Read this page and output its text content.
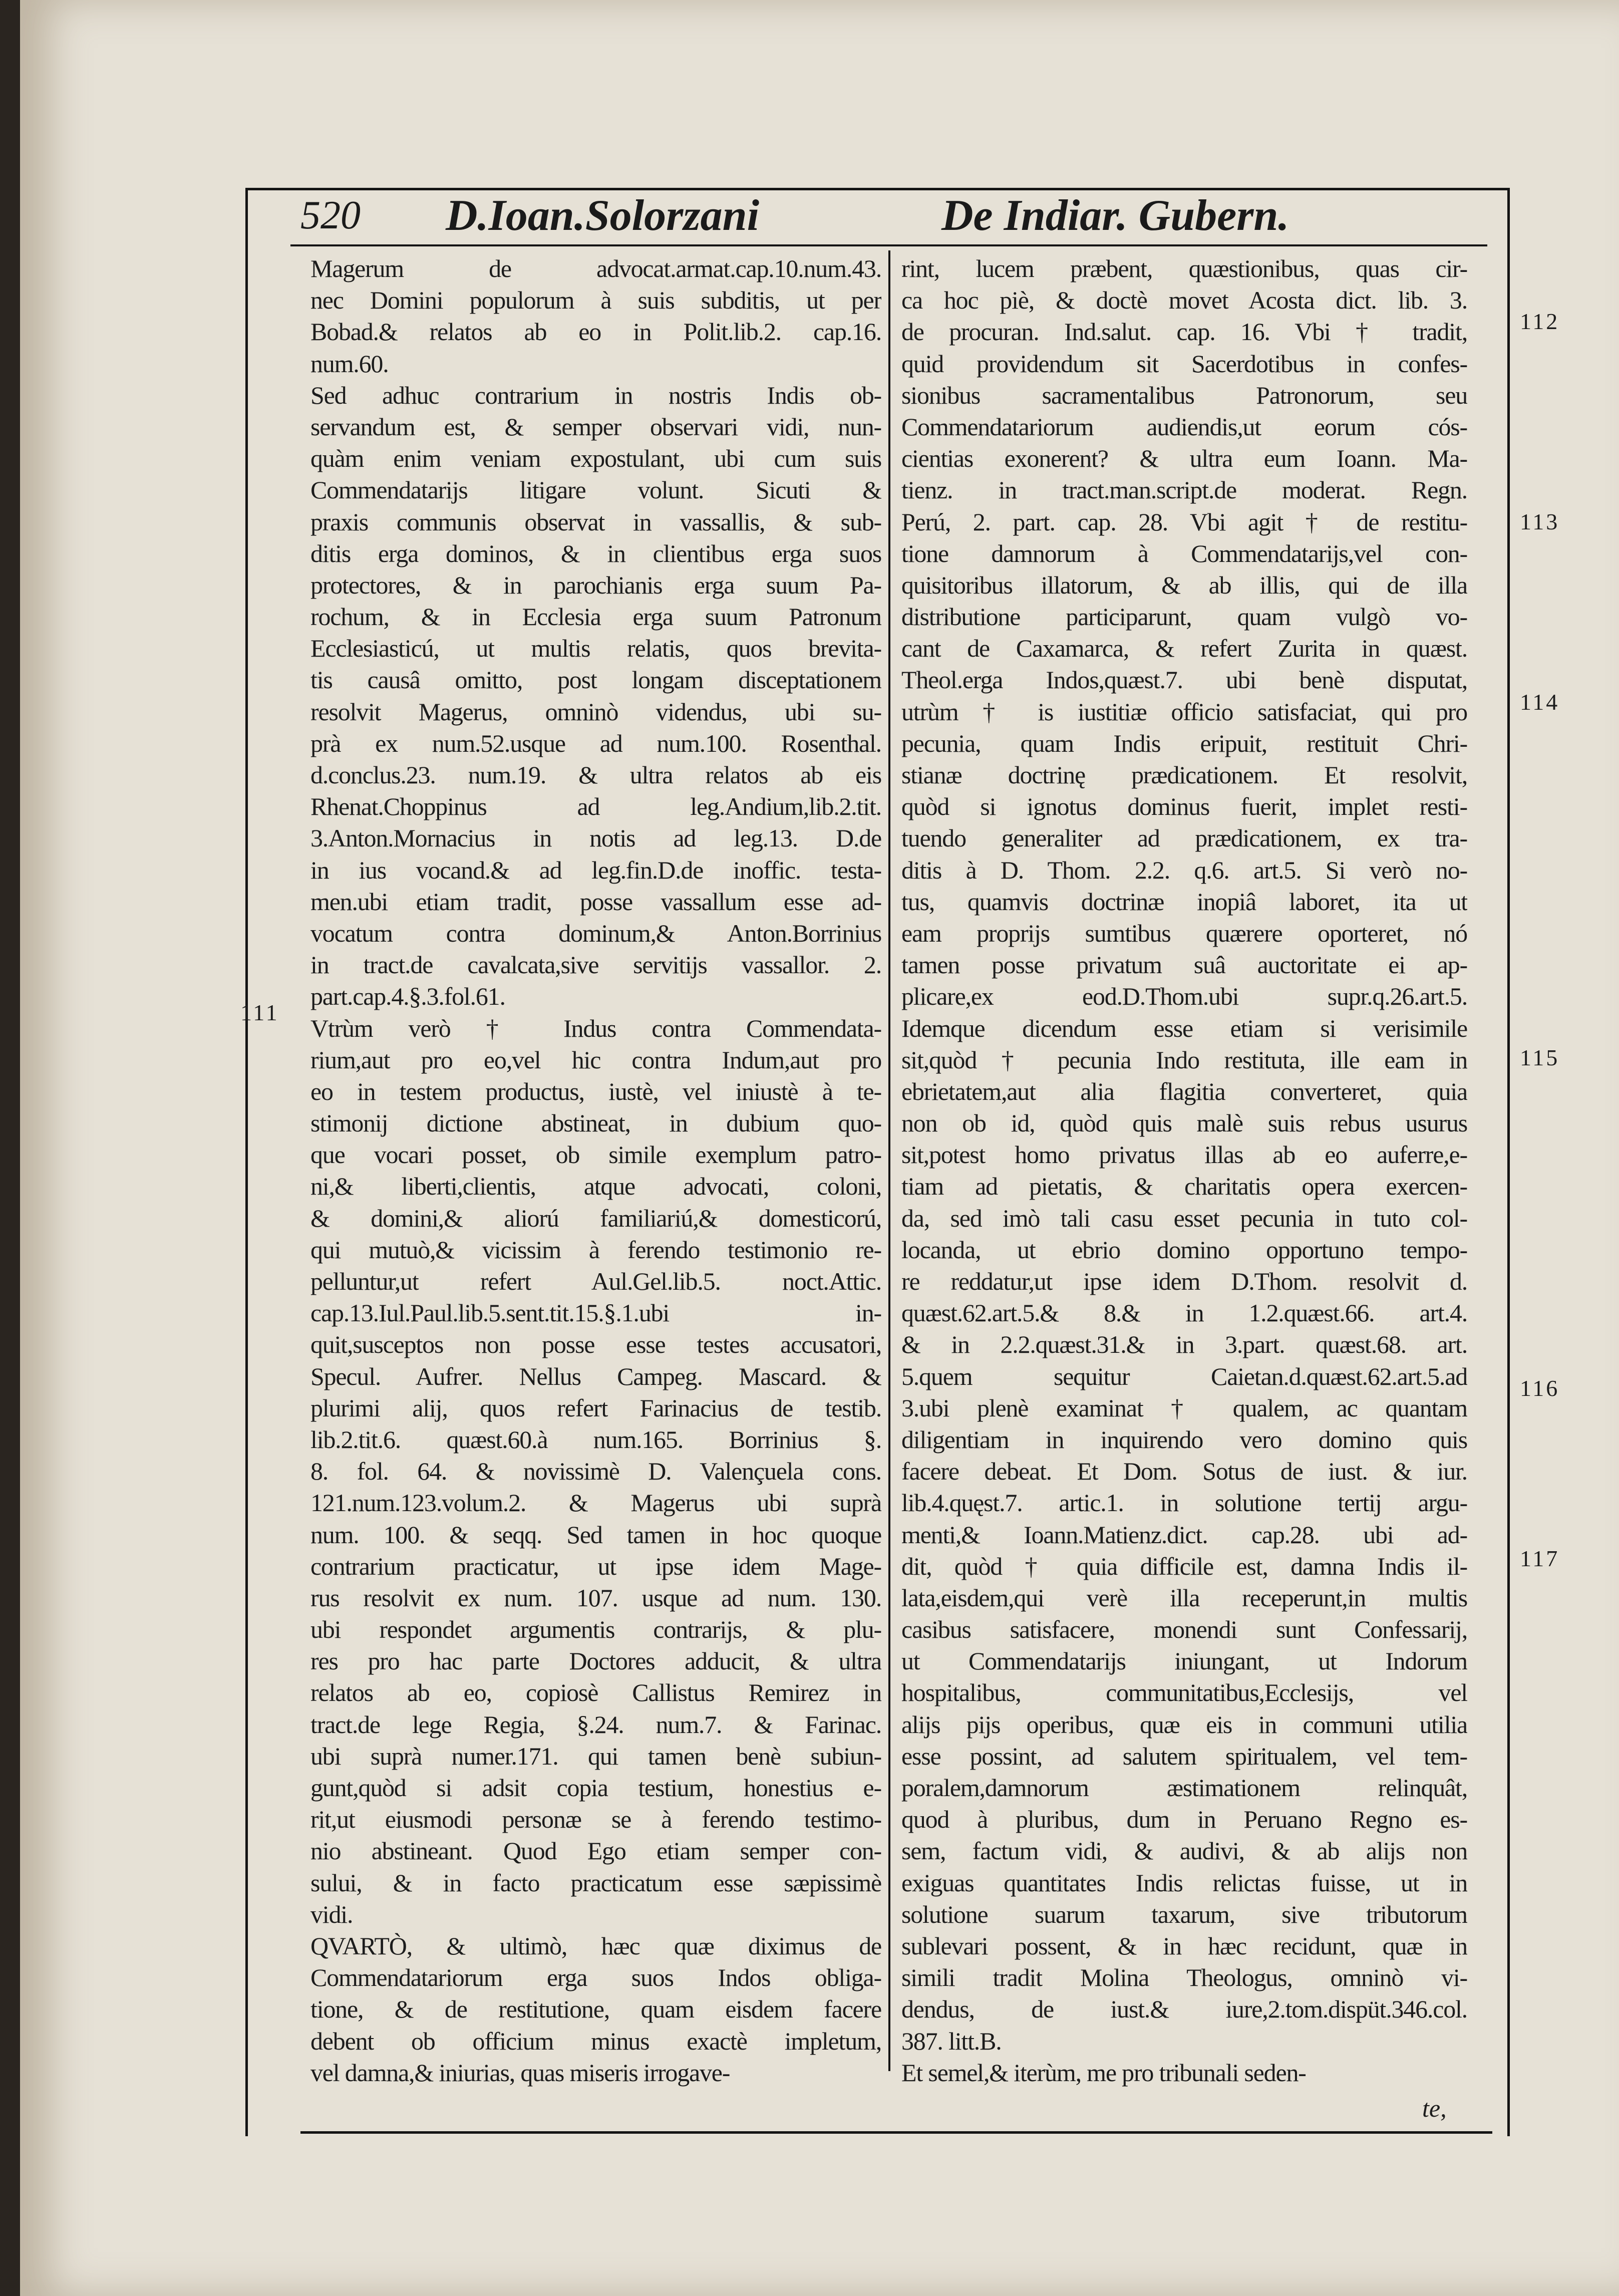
520 D.Ioan.Solorzani	De Indiar. Gubern.
Magerum de advocat.armat.cap.10.num.43.
nec Domini populorum à suis subditis, ut per
Bobad.& relatos ab eo in Polit.lib.2. cap.16.
num.60.
Sed adhuc contrarium in nostris Indis ob-
servandum est, & semper observari vidi, nun-
quàm enim veniam expostulant, ubi cum suis
Commendatarijs litigare volunt. Sicuti &
praxis communis observat in vassallis, & sub-
ditis erga dominos, & in clientibus erga suos
protectores, & in parochianis erga suum Pa-
rochum, & in Ecclesia erga suum Patronum
Ecclesiasticú, ut multis relatis, quos brevita-
tis causâ omitto, post longam disceptationem
resolvit Magerus, omninò videndus, ubi su-
prà ex num.52.usque ad num.100. Rosenthal.
d.conclus.23. num.19. & ultra relatos ab eis
Rhenat.Choppinus ad leg.Andium,lib.2.tit.
3.Anton.Mornacius in notis ad leg.13. D.de
in ius vocand.& ad leg.fin.D.de inoffic. testa-
men.ubi etiam tradit, posse vassallum esse ad-
vocatum contra dominum,& Anton.Borrinius
in tract.de cavalcata,sive servitijs vassallor. 2.
part.cap.4.§.3.fol.61.
Vtrùm verò † Indus contra Commendata-
rium,aut pro eo,vel hic contra Indum,aut pro
eo in testem productus, iustè, vel iniustè à te-
stimonij dictione abstineat, in dubium quo-
que vocari posset, ob simile exemplum patro-
ni,& liberti,clientis, atque advocati, coloni,
& domini,& aliorú familiariú,& domesticorú,
qui mutuò,& vicissim à ferendo testimonio re-
pelluntur,ut refert Aul.Gel.lib.5. noct.Attic.
cap.13.Iul.Paul.lib.5.sent.tit.15.§.1.ubi in-
quit,susceptos non posse esse testes accusatori,
Specul. Aufrer. Nellus Campeg. Mascard. &
plurimi alij, quos refert Farinacius de testib.
lib.2.tit.6. quæst.60.à num.165. Borrinius §.
8. fol. 64. & novissimè D. Valençuela cons.
121.num.123.volum.2. & Magerus ubi suprà
num. 100. & seqq. Sed tamen in hoc quoque
contrarium practicatur, ut ipse idem Mage-
rus resolvit ex num. 107. usque ad num. 130.
ubi respondet argumentis contrarijs, & plu-
res pro hac parte Doctores adducit, & ultra
relatos ab eo, copiosè Callistus Remirez in
tract.de lege Regia, §.24. num.7. & Farinac.
ubi suprà numer.171. qui tamen benè subiun-
gunt,quòd si adsit copia testium, honestius e-
rit,ut eiusmodi personæ se à ferendo testimo-
nio abstineant. Quod Ego etiam semper con-
sului, & in facto practicatum esse sæpissimè
vidi.
QVARTÒ, & ultimò, hæc quæ diximus de
Commendatariorum erga suos Indos obliga-
tione, & de restitutione, quam eisdem facere
debent ob officium minus exactè impletum,
vel damna,& iniurias, quas miseris irrogave-
rint, lucem præbent, quæstionibus, quas cir-
ca hoc piè, & doctè movet Acosta dict. lib. 3.
de procuran. Ind.salut. cap. 16. Vbi † tradit,
quid providendum sit Sacerdotibus in confes-
sionibus sacramentalibus Patronorum, seu
Commendatariorum audiendis,ut eorum cós-
cientias exonerent? & ultra eum Ioann. Ma-
tienz. in tract.man.script.de moderat. Regn.
Perú, 2. part. cap. 28. Vbi agit † de restitu-
tione damnorum à Commendatarijs,vel con-
quisitoribus illatorum, & ab illis, qui de illa
distributione participarunt, quam vulgò vo-
cant de Caxamarca, & refert Zurita in quæst.
Theol.erga Indos,quæst.7. ubi benè disputat,
utrùm † is iustitiæ officio satisfaciat, qui pro
pecunia, quam Indis eripuit, restituit Chri-
stianæ doctrinę prædicationem. Et resolvit,
quòd si ignotus dominus fuerit, implet resti-
tuendo generaliter ad prædicationem, ex tra-
ditis à D. Thom. 2.2. q.6. art.5. Si verò no-
tus, quamvis doctrinæ inopiâ laboret, ita ut
eam proprijs sumtibus quærere oporteret, nó
tamen posse privatum suâ auctoritate ei ap-
plicare,ex eod.D.Thom.ubi supr.q.26.art.5.
Idemque dicendum esse etiam si verisimile
sit,quòd † pecunia Indo restituta, ille eam in
ebrietatem,aut alia flagitia converteret, quia
non ob id, quòd quis malè suis rebus usurus
sit,potest homo privatus illas ab eo auferre,e-
tiam ad pietatis, & charitatis opera exercen-
da, sed imò tali casu esset pecunia in tuto col-
locanda, ut ebrio domino opportuno tempo-
re reddatur,ut ipse idem D.Thom. resolvit d.
quæst.62.art.5.& 8.& in 1.2.quæst.66. art.4.
& in 2.2.quæst.31.& in 3.part. quæst.68. art.
5.quem sequitur Caietan.d.quæst.62.art.5.ad
3.ubi plenè examinat † qualem, ac quantam
diligentiam in inquirendo vero domino quis
facere debeat. Et Dom. Sotus de iust. & iur.
lib.4.quęst.7. artic.1. in solutione tertij argu-
menti,& Ioann.Matienz.dict. cap.28. ubi ad-
dit, quòd † quia difficile est, damna Indis il-
lata,eisdem,qui verè illa receperunt,in multis
casibus satisfacere, monendi sunt Confessarij,
ut Commendatarijs iniungant, ut Indorum
hospitalibus, communitatibus,Ecclesijs, vel
alijs pijs operibus, quæ eis in communi utilia
esse possint, ad salutem spiritualem, vel tem-
poralem,damnorum æstimationem relinquât,
quod à pluribus, dum in Peruano Regno es-
sem, factum vidi, & audivi, & ab alijs non
exiguas quantitates Indis relictas fuisse, ut in
solutione suarum taxarum, sive tributorum
sublevari possent, & in hæc recidunt, quæ in
simili tradit Molina Theologus, omninò vi-
dendus, de iust.& iure,2.tom.dispüt.346.col.
387. litt.B.
Et semel,& iterùm, me pro tribunali seden-
111
112
113
114
115
116
117
te,
